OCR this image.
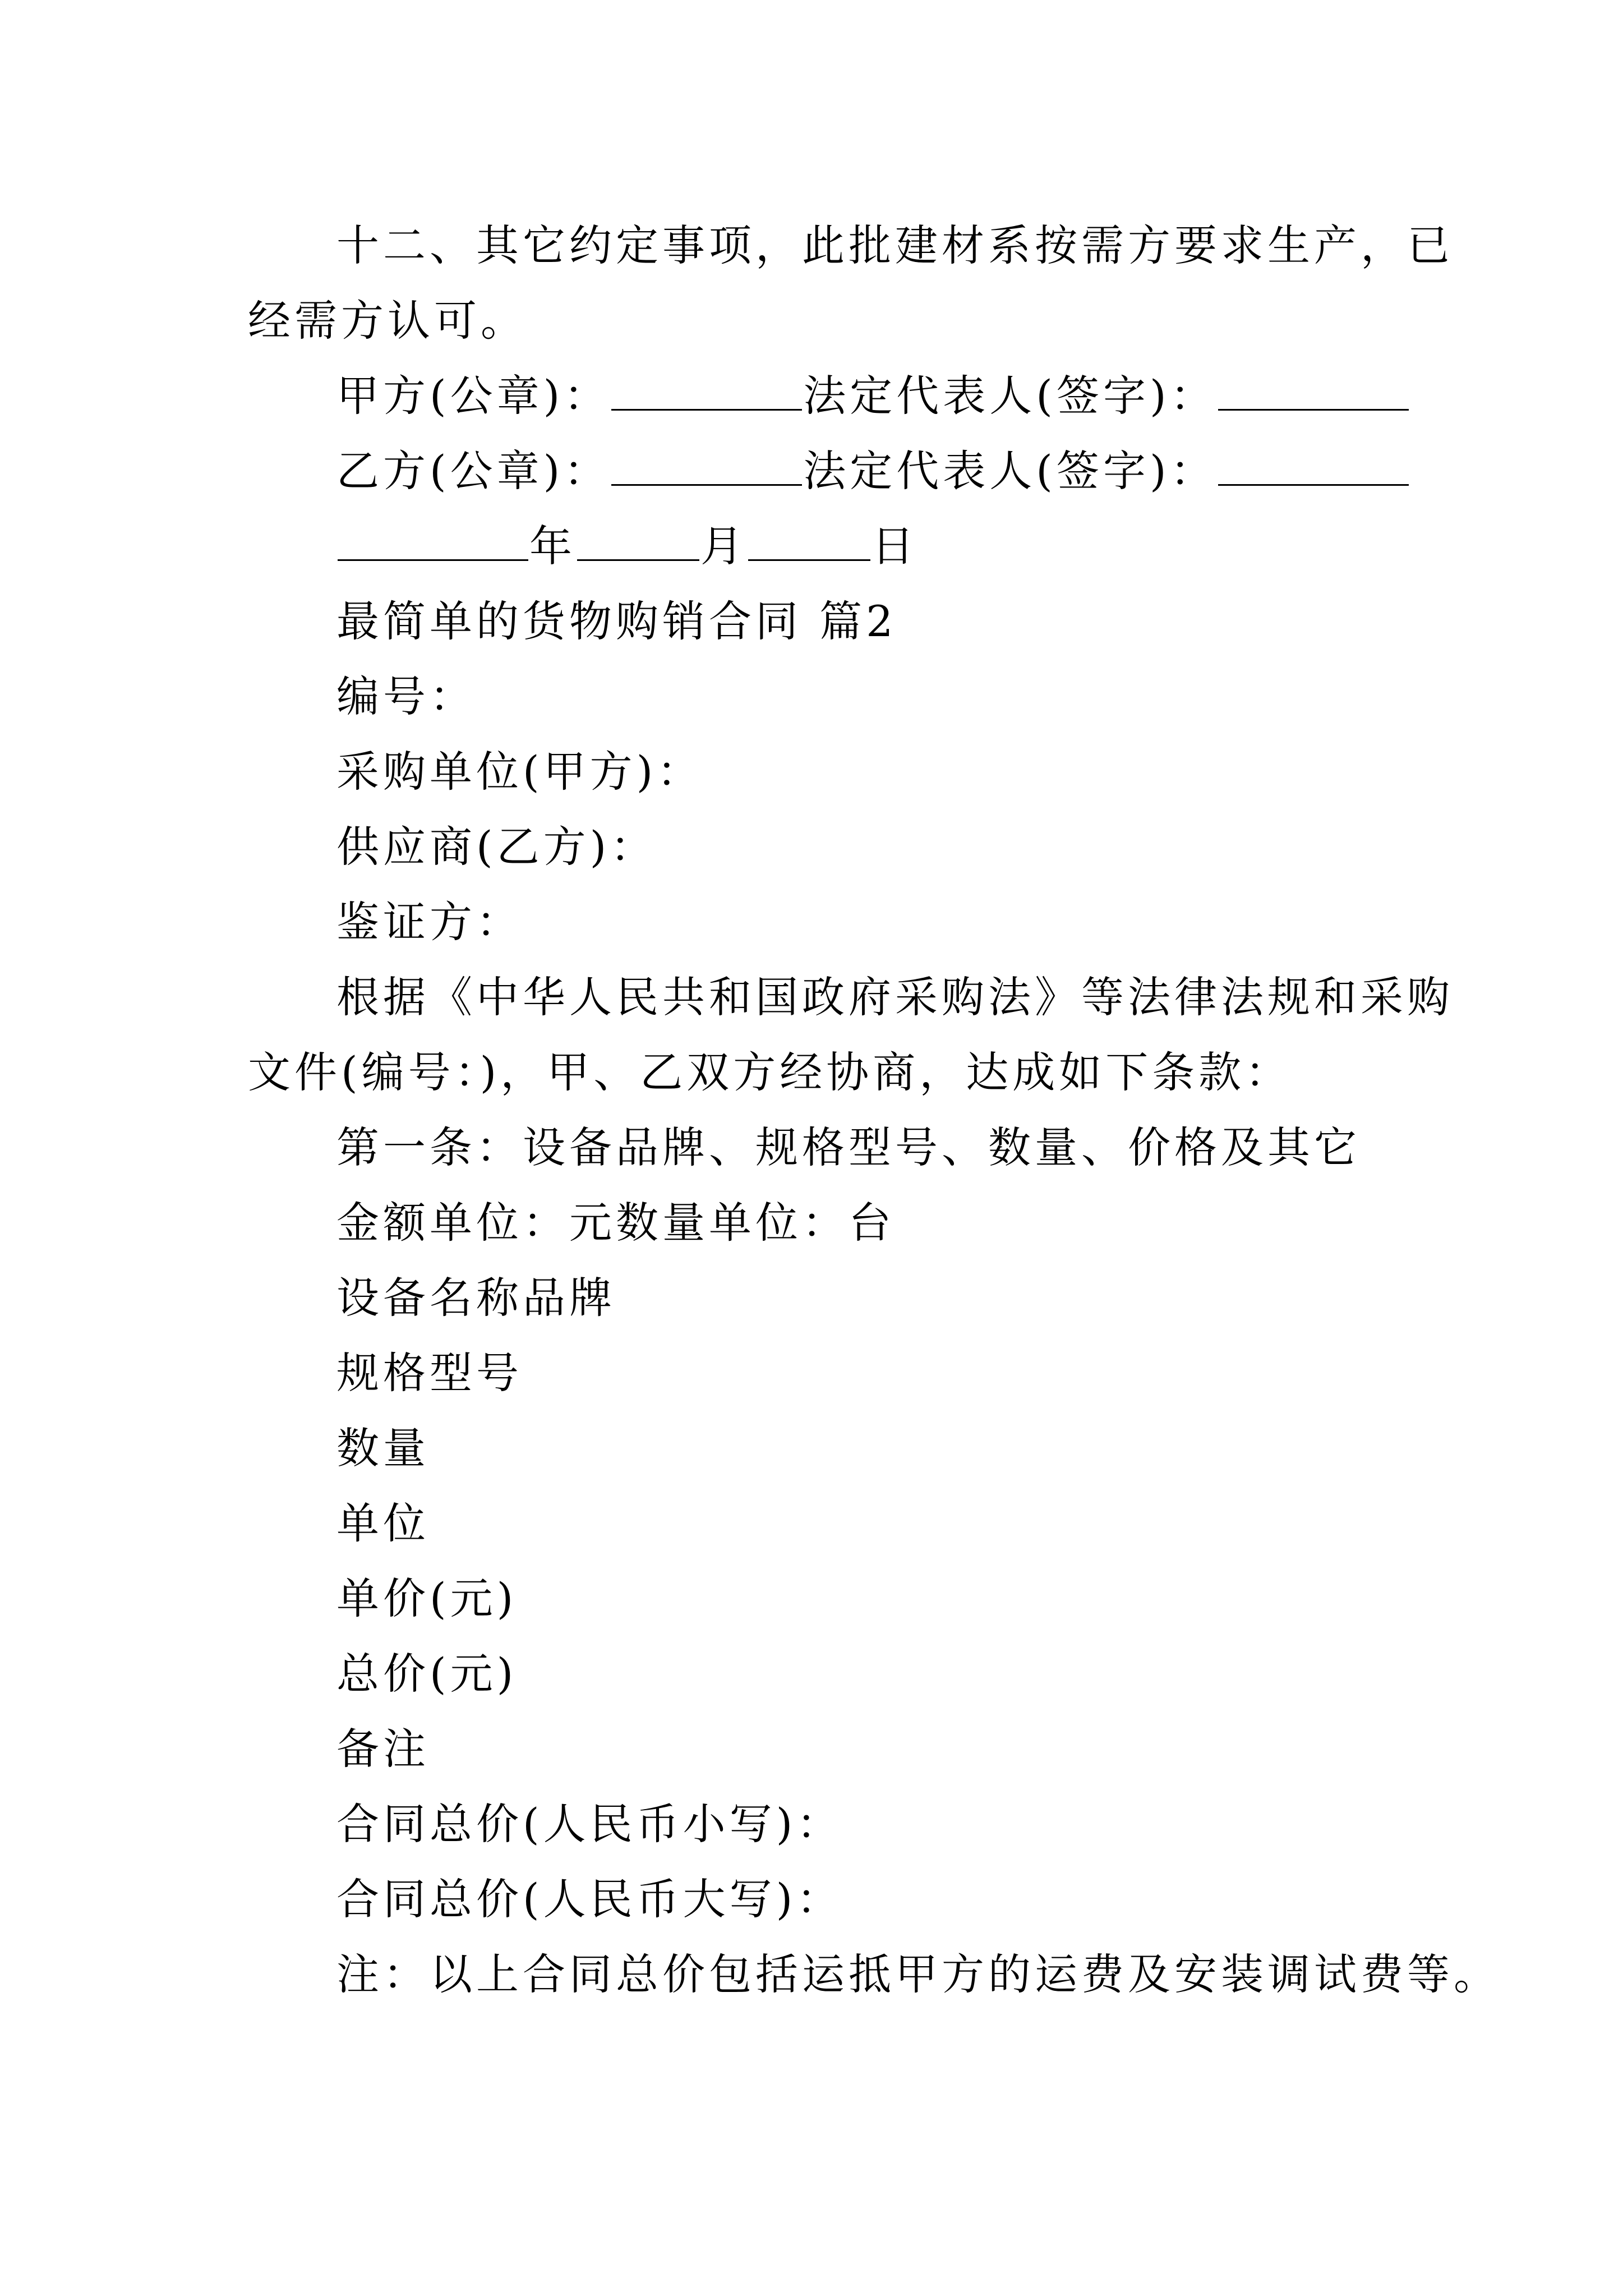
十二、其它约定事项，此批建材系按需方要求生产，已
经需方认可。
甲方(公章)：	法定代表人(签字)：
乙方(公章)：	法定代表人(签字)：
年	月	日
最简单的货物购销合同 篇2
编号：
采购单位(甲方)：
供应商(乙方)：
鉴证方：
根据《中华人民共和国政府采购法》等法律法规和采购
文件(编号：)，甲、乙双方经协商，达成如下条款：
第一条：设备品牌、规格型号、数量、价格及其它
金额单位：元数量单位：台
设备名称品牌
规格型号
数量
单位
单价(元)
总价(元)
备注
合同总价(人民币小写)：
合同总价(人民币大写)：
注：以上合同总价包括运抵甲方的运费及安装调试费等。
